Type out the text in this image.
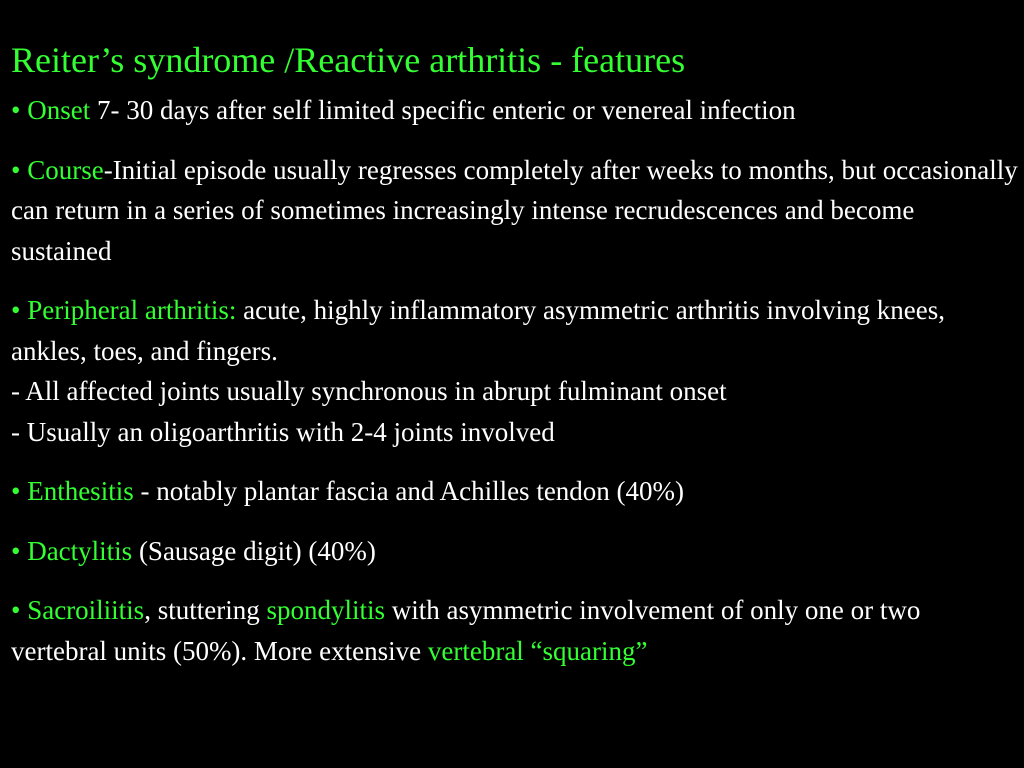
Reiter’s syndrome /Reactive arthritis - features
• Onset 7- 30 days after self limited specific enteric or venereal infection
• Course-Initial episode usually regresses completely after weeks to months, but occasionally can return in a series of sometimes increasingly intense recrudescences and become sustained
• Peripheral arthritis: acute, highly inflammatory asymmetric arthritis involving knees, ankles, toes, and fingers.
- All affected joints usually synchronous in abrupt fulminant onset
- Usually an oligoarthritis with 2-4 joints involved
• Enthesitis - notably plantar fascia and Achilles tendon (40%)
• Dactylitis (Sausage digit) (40%)
• Sacroiliitis, stuttering spondylitis with asymmetric involvement of only one or two vertebral units (50%). More extensive vertebral “squaring”
